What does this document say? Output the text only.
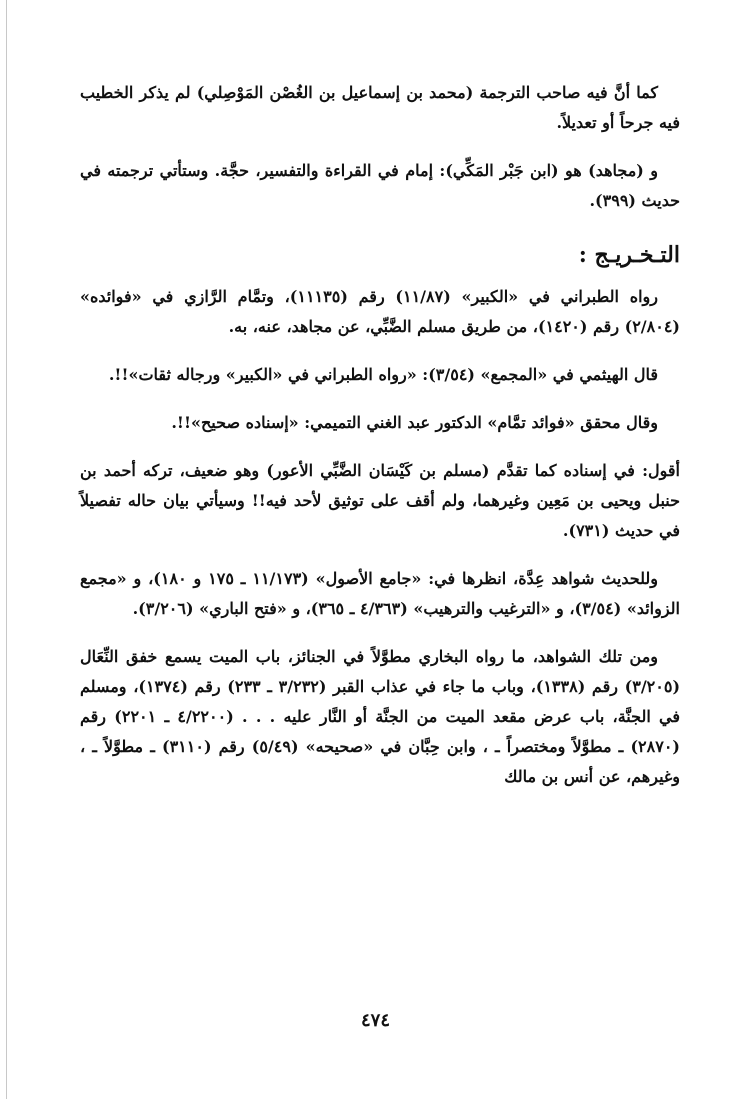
كما أنَّ فيه صاحب الترجمة (محمد بن إسماعيل بن الغُصْن المَوْصِلي) لم يذكر الخطيب فيه جرحاً أو تعديلاً.

و (مجاهد) هو (ابن جَبْر المَكِّي): إمام في القراءة والتفسير، حجَّة. وستأتي ترجمته في حديث (٣٩٩).

التـخـريـج :

رواه الطبراني في «الكبير» (١١/٨٧) رقم (١١١٣٥)، وتمَّام الرَّازي في «فوائده» (٢/٨٠٤) رقم (١٤٢٠)، من طريق مسلم الضَّبِّي، عن مجاهد، عنه، به.

قال الهيثمي في «المجمع» (٣/٥٤): «رواه الطبراني في «الكبير» ورجاله ثقات»!!.

وقال محقق «فوائد تمَّام» الدكتور عبد الغني التميمي: «إسناده صحيح»!!.

أقول: في إسناده كما تقدَّم (مسلم بن كَيْسَان الضَّبِّي الأعور) وهو ضعيف، تركه أحمد بن حنبل ويحيى بن مَعِين وغيرهما، ولم أقف على توثيق لأحد فيه!! وسيأتي بيان حاله تفصيلاً في حديث (٧٣١).

وللحديث شواهد عِدَّة، انظرها في: «جامع الأصول» (١١/١٧٣ ـ ١٧٥ و ١٨٠)، و «مجمع الزوائد» (٣/٥٤)، و «الترغيب والترهيب» (٤/٣٦٣ ـ ٣٦٥)، و «فتح الباري» (٣/٢٠٦).

ومن تلك الشواهد، ما رواه البخاري مطوَّلاً في الجنائز، باب الميت يسمع خفق النِّعَال (٣/٢٠٥) رقم (١٣٣٨)، وباب ما جاء في عذاب القبر (٣/٢٣٢ ـ ٢٣٣) رقم (١٣٧٤)، ومسلم في الجنَّة، باب عرض مقعد الميت من الجنَّة أو النَّار عليه . . . (٤/٢٢٠٠ ـ ٢٢٠١) رقم (٢٨٧٠) ـ مطوَّلاً ومختصراً ـ ، وابن حِبَّان في «صحيحه» (٥/٤٩) رقم (٣١١٠) ـ مطوَّلاً ـ ، وغيرهم، عن أنس بن مالك

٤٧٤
